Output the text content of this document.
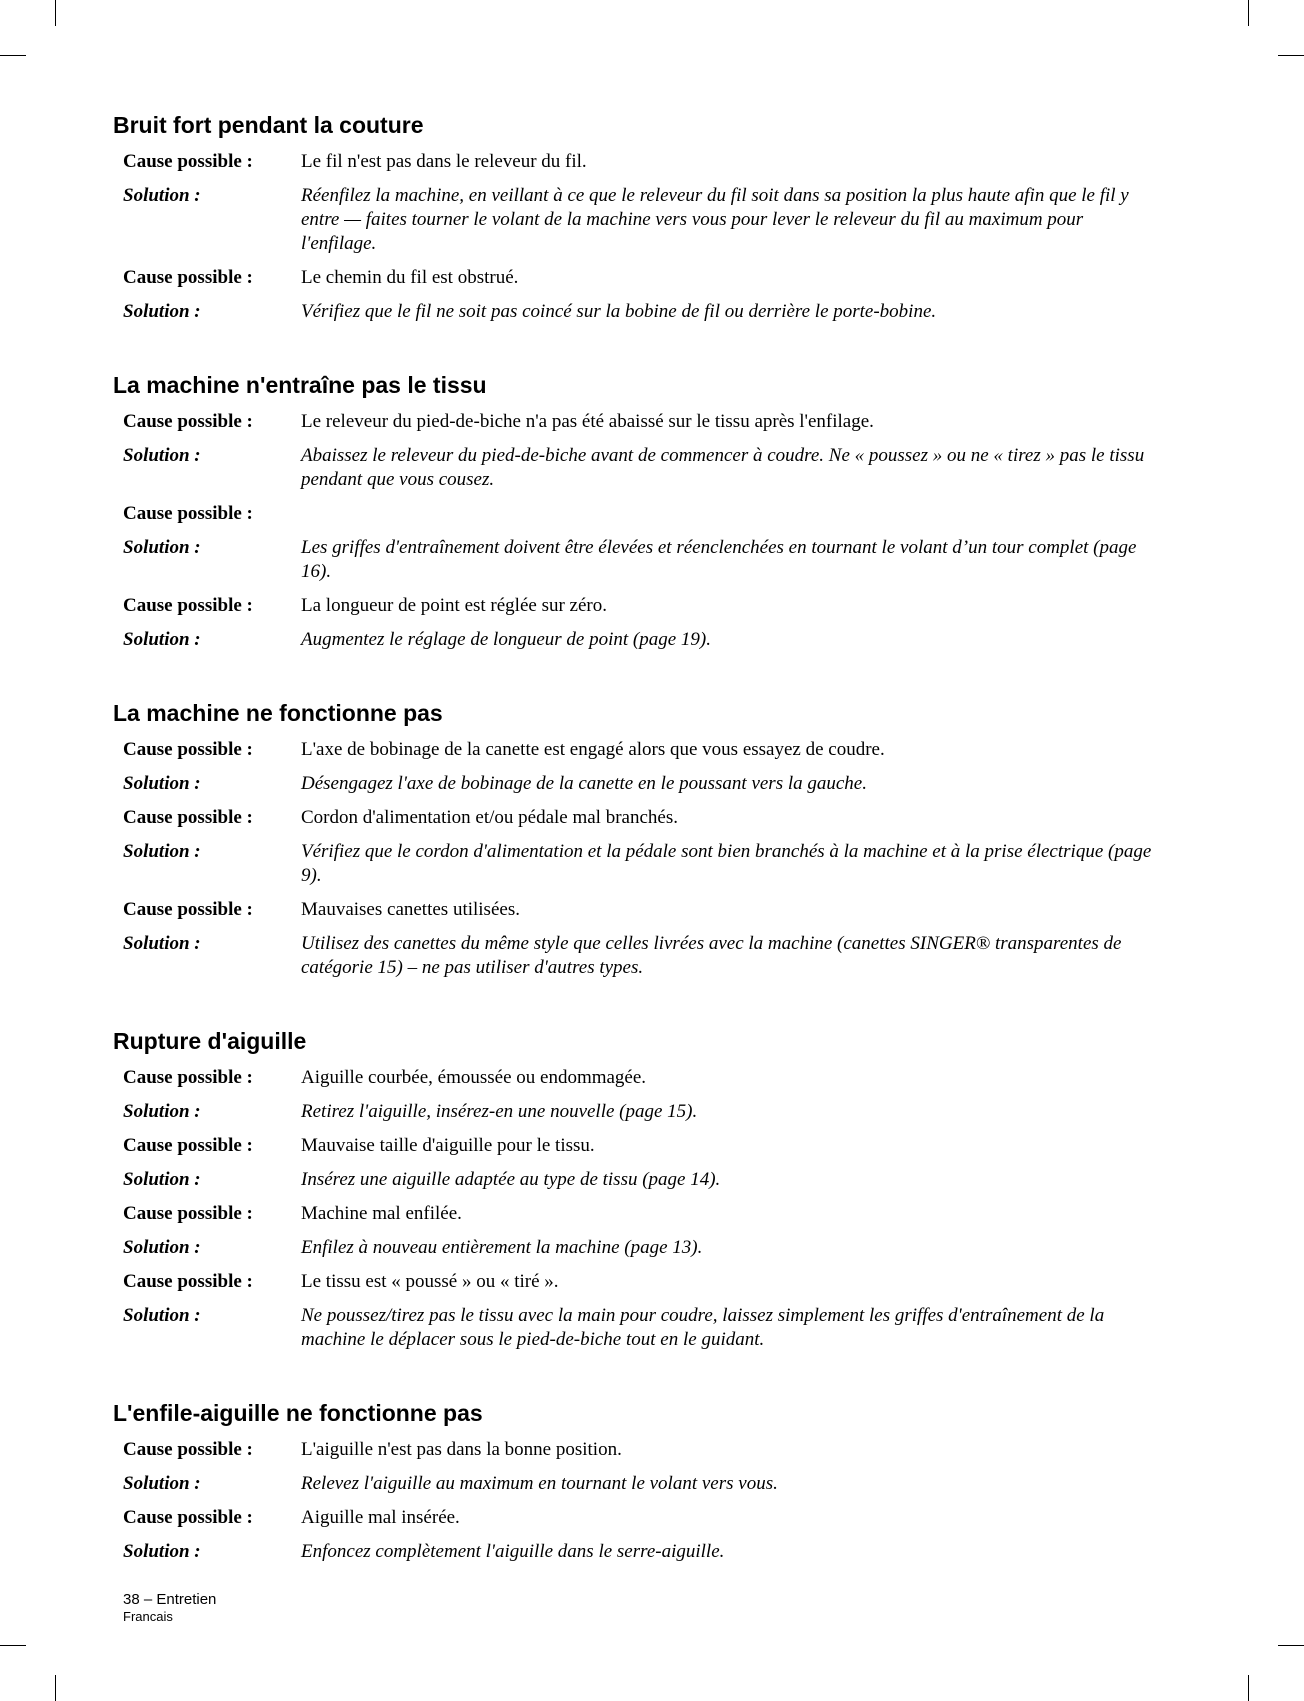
Bruit fort pendant la couture
Cause possible :	Le fil n'est pas dans le releveur du fil.
Solution :	Réenfilez la machine, en veillant à ce que le releveur du fil soit dans sa position la plus haute afin que le fil y entre — faites tourner le volant de la machine vers vous pour lever le releveur du fil au maximum pour l'enfilage.
Cause possible :	Le chemin du fil est obstrué.
Solution :	Vérifiez que le fil ne soit pas coincé sur la bobine de fil ou derrière le porte-bobine.
La machine n'entraîne pas le tissu
Cause possible :	Le releveur du pied-de-biche n'a pas été abaissé sur le tissu après l'enfilage.
Solution :	Abaissez le releveur du pied-de-biche avant de commencer à coudre. Ne « poussez » ou ne « tirez » pas le tissu pendant que vous cousez.
Cause possible :
Solution :	Les griffes d'entraînement doivent être élevées et réenclenchées en tournant le volant d’un tour complet (page 16).
Cause possible :	La longueur de point est réglée sur zéro.
Solution :	Augmentez le réglage de longueur de point (page 19).
La machine ne fonctionne pas
Cause possible :	L'axe de bobinage de la canette est engagé alors que vous essayez de coudre.
Solution :	Désengagez l'axe de bobinage de la canette en le poussant vers la gauche.
Cause possible :	Cordon d'alimentation et/ou pédale mal branchés.
Solution :	Vérifiez que le cordon d'alimentation et la pédale sont bien branchés à la machine et à la prise électrique (page 9).
Cause possible :	Mauvaises canettes utilisées.
Solution :	Utilisez des canettes du même style que celles livrées avec la machine (canettes SINGER® transparentes de catégorie 15) – ne pas utiliser d'autres types.
Rupture d'aiguille
Cause possible :	Aiguille courbée, émoussée ou endommagée.
Solution :	Retirez l'aiguille, insérez-en une nouvelle (page 15).
Cause possible :	Mauvaise taille d'aiguille pour le tissu.
Solution :	Insérez une aiguille adaptée au type de tissu (page 14).
Cause possible :	Machine mal enfilée.
Solution :	Enfilez à nouveau entièrement la machine (page 13).
Cause possible :	Le tissu est « poussé » ou « tiré ».
Solution :	Ne poussez/tirez pas le tissu avec la main pour coudre, laissez simplement les griffes d'entraînement de la machine le déplacer sous le pied-de-biche tout en le guidant.
L'enfile-aiguille ne fonctionne pas
Cause possible :	L'aiguille n'est pas dans la bonne position.
Solution :	Relevez l'aiguille au maximum en tournant le volant vers vous.
Cause possible :	Aiguille mal insérée.
Solution :	Enfoncez complètement l'aiguille dans le serre-aiguille.
38 – Entretien
Francais
